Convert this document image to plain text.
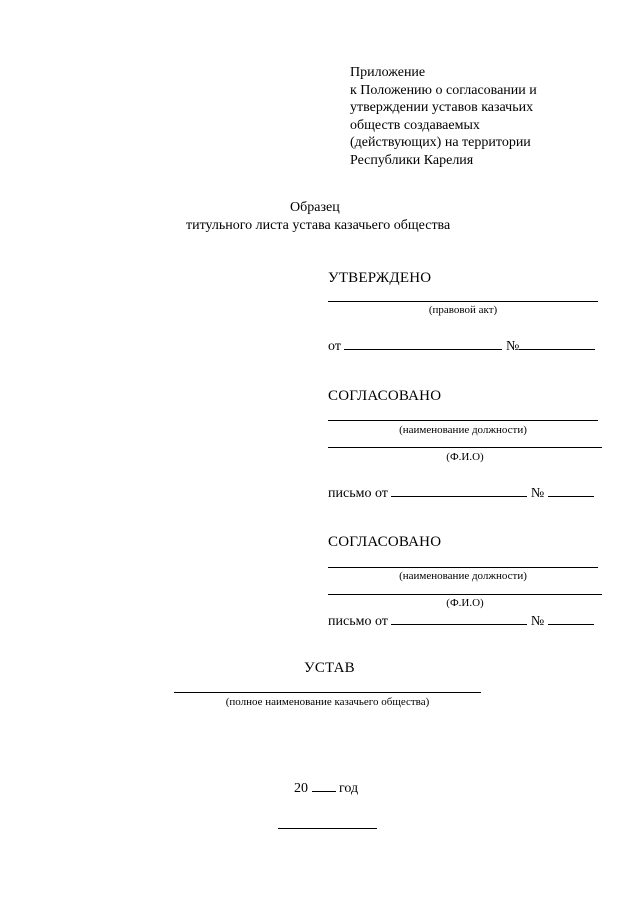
Приложение
к Положению о согласовании и
утверждении уставов казачьих
обществ создаваемых
(действующих) на территории
Республики Карелия
Образец
титульного листа устава казачьего общества
УТВЕРЖДЕНО
(правовой акт)
от	№
СОГЛАСОВАНО
(наименование должности)
(Ф.И.О)
письмо от	№
СОГЛАСОВАНО
(наименование должности)
(Ф.И.О)
письмо от	№
УСТАВ
(полное наименование казачьего общества)
20 год
